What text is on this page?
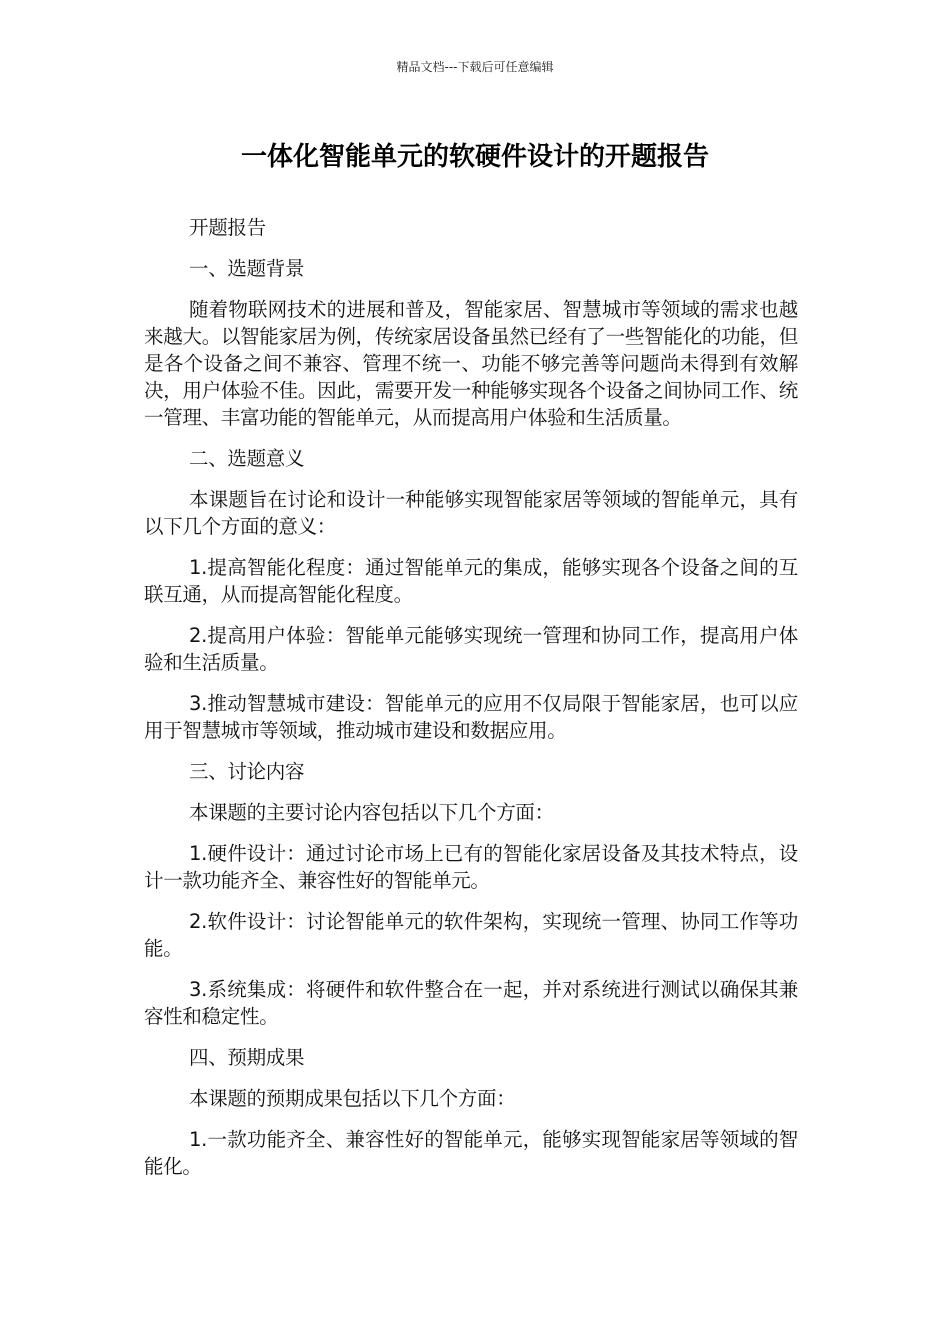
精品文档---下载后可任意编辑
一体化智能单元的软硬件设计的开题报告

开题报告

一、选题背景

随着物联网技术的进展和普及，智能家居、智慧城市等领域的需求也越来越大。以智能家居为例，传统家居设备虽然已经有了一些智能化的功能，但是各个设备之间不兼容、管理不统一、功能不够完善等问题尚未得到有效解决，用户体验不佳。因此，需要开发一种能够实现各个设备之间协同工作、统一管理、丰富功能的智能单元，从而提高用户体验和生活质量。

二、选题意义

本课题旨在讨论和设计一种能够实现智能家居等领域的智能单元，具有以下几个方面的意义：

1.提高智能化程度：通过智能单元的集成，能够实现各个设备之间的互联互通，从而提高智能化程度。

2.提高用户体验：智能单元能够实现统一管理和协同工作，提高用户体验和生活质量。

3.推动智慧城市建设：智能单元的应用不仅局限于智能家居，也可以应用于智慧城市等领域，推动城市建设和数据应用。

三、讨论内容

本课题的主要讨论内容包括以下几个方面：

1.硬件设计：通过讨论市场上已有的智能化家居设备及其技术特点，设计一款功能齐全、兼容性好的智能单元。

2.软件设计：讨论智能单元的软件架构，实现统一管理、协同工作等功能。

3.系统集成：将硬件和软件整合在一起，并对系统进行测试以确保其兼容性和稳定性。

四、预期成果

本课题的预期成果包括以下几个方面：

1.一款功能齐全、兼容性好的智能单元，能够实现智能家居等领域的智能化。
